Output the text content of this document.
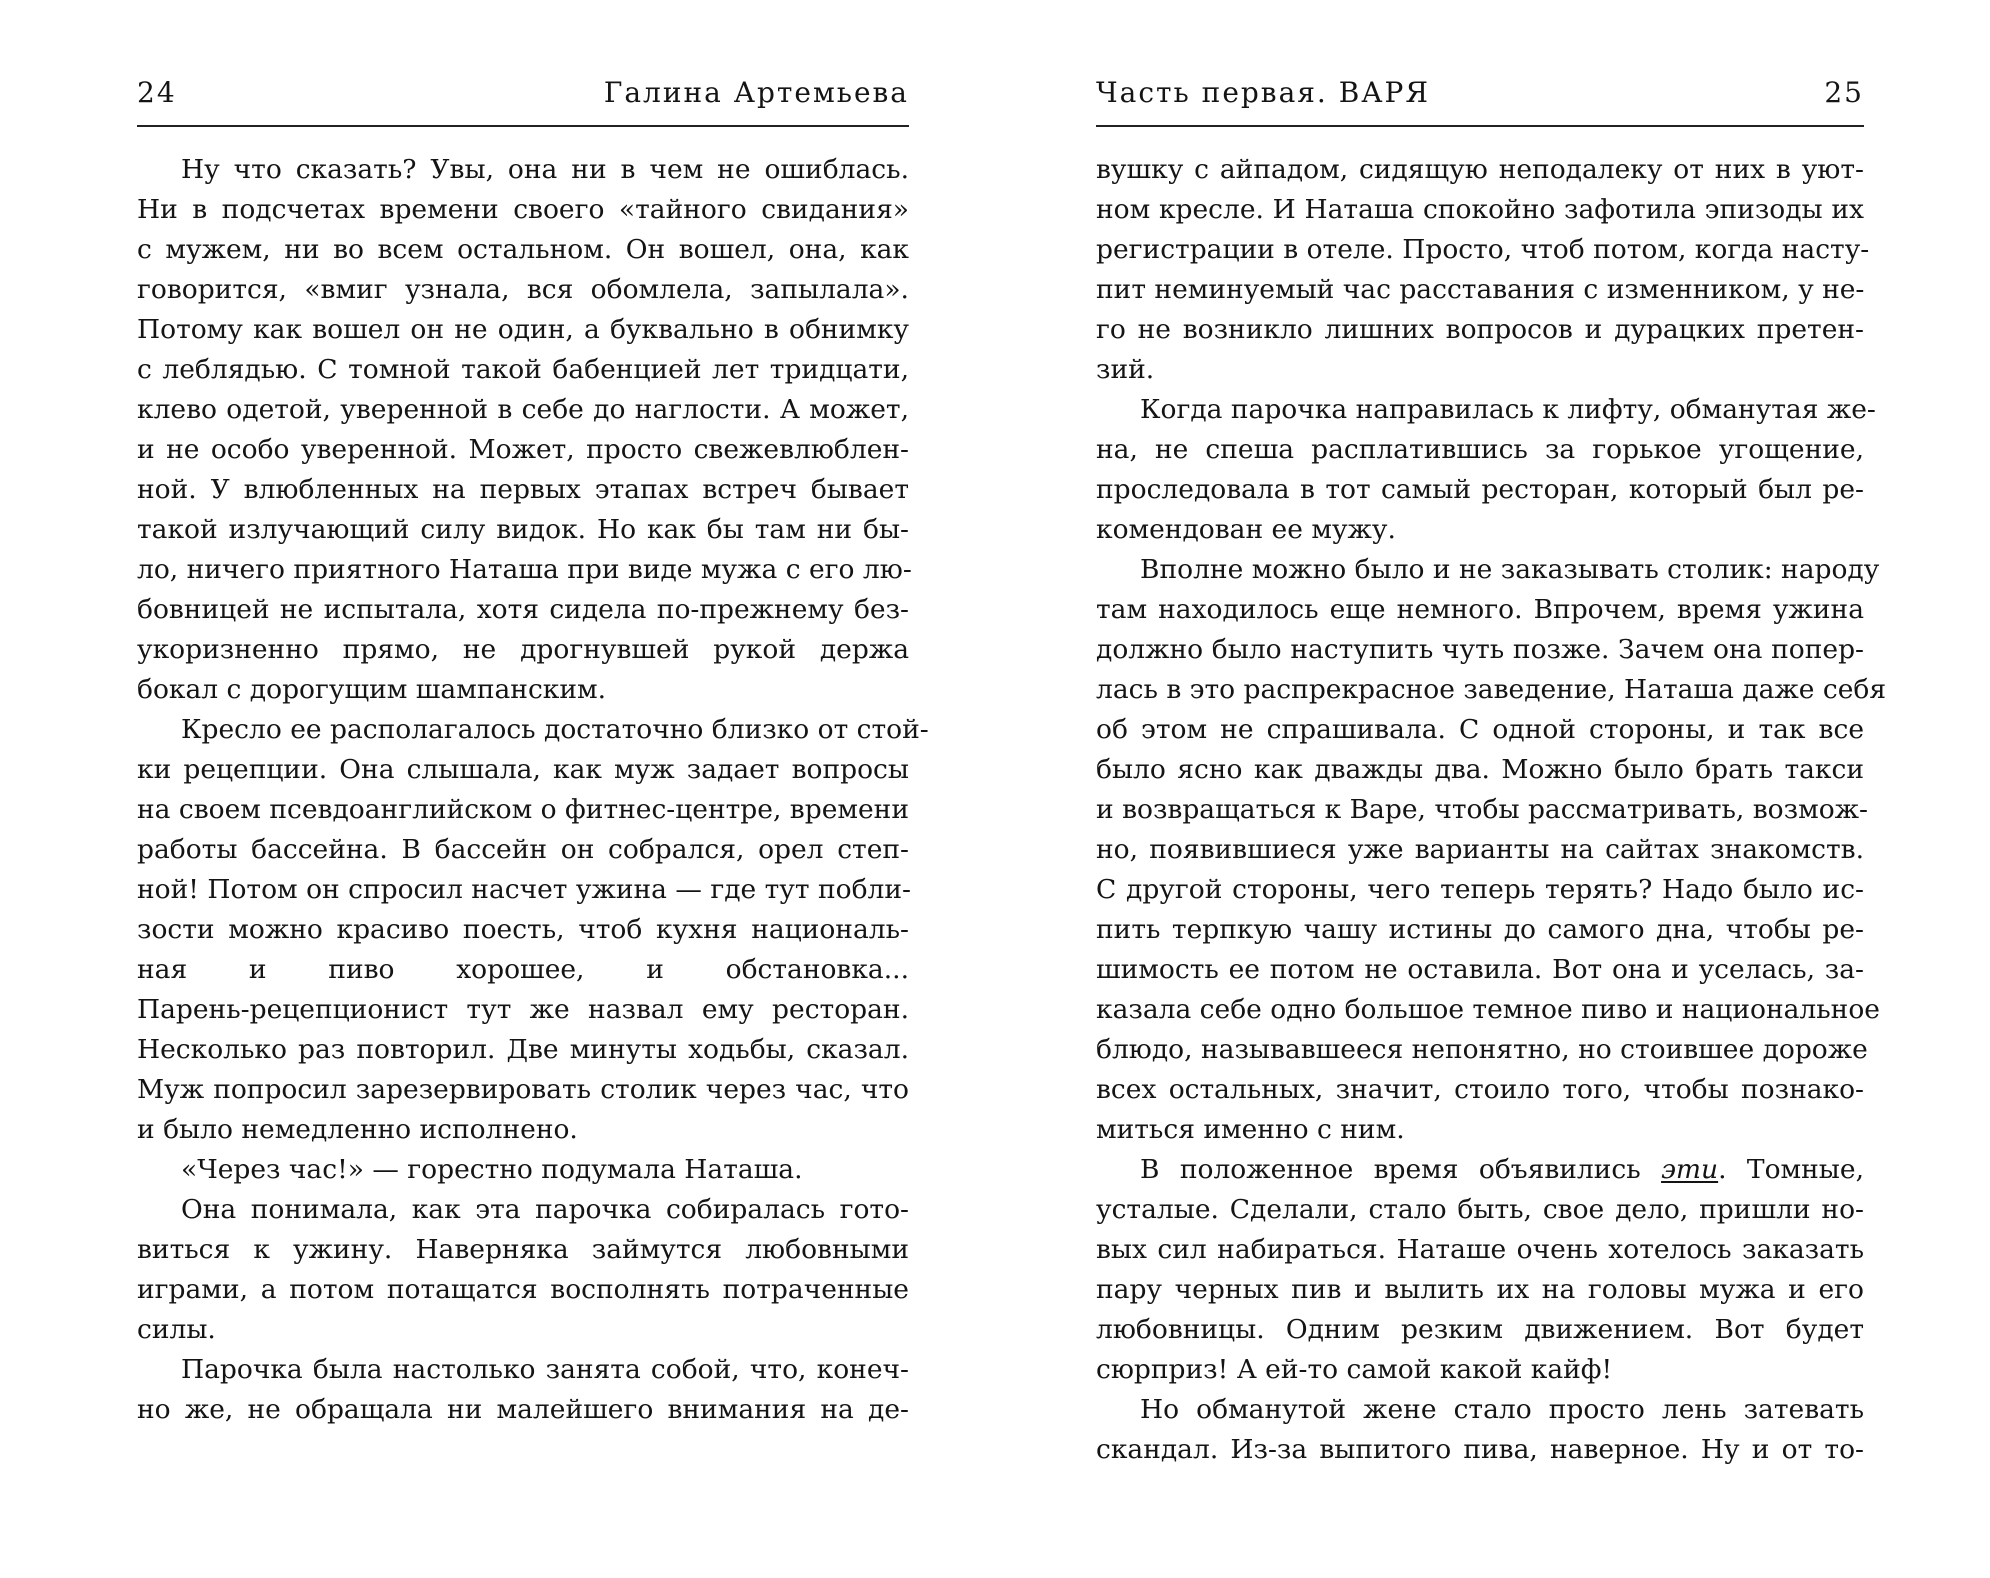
24	Галина Артемьева
Ну что сказать? Увы, она ни в чем не ошиблась.
Ни в подсчетах времени своего «тайного свидания»
с мужем, ни во всем остальном. Он вошел, она, как
говорится, «вмиг узнала, вся обомлела, запылала».
Потому как вошел он не один, а буквально в обнимку
с леблядью. С томной такой бабенцией лет тридцати,
клево одетой, уверенной в себе до наглости. А может,
и не особо уверенной. Может, просто свежевлюблен-
ной. У влюбленных на первых этапах встреч бывает
такой излучающий силу видок. Но как бы там ни бы-
ло, ничего приятного Наташа при виде мужа с его лю-
бовницей не испытала, хотя сидела по-прежнему без-
укоризненно прямо, не дрогнувшей рукой держа
бокал с дорогущим шампанским.
Кресло ее располагалось достаточно близко от стой-
ки рецепции. Она слышала, как муж задает вопросы
на своем псевдоанглийском о фитнес-центре, времени
работы бассейна. В бассейн он собрался, орел степ-
ной! Потом он спросил насчет ужина — где тут побли-
зости можно красиво поесть, чтоб кухня националь-
ная и пиво хорошее, и обстановка...
Парень-рецепционист тут же назвал ему ресторан.
Несколько раз повторил. Две минуты ходьбы, сказал.
Муж попросил зарезервировать столик через час, что
и было немедленно исполнено.
«Через час!» — горестно подумала Наташа.
Она понимала, как эта парочка собиралась гото-
виться к ужину. Наверняка займутся любовными
играми, а потом потащатся восполнять потраченные
силы.
Парочка была настолько занята собой, что, конеч-
но же, не обращала ни малейшего внимания на де-
Часть первая. ВАРЯ	25
вушку с айпадом, сидящую неподалеку от них в уют-
ном кресле. И Наташа спокойно зафотила эпизоды их
регистрации в отеле. Просто, чтоб потом, когда насту-
пит неминуемый час расставания с изменником, у не-
го не возникло лишних вопросов и дурацких претен-
зий.
Когда парочка направилась к лифту, обманутая же-
на, не спеша расплатившись за горькое угощение,
проследовала в тот самый ресторан, который был ре-
комендован ее мужу.
Вполне можно было и не заказывать столик: народу
там находилось еще немного. Впрочем, время ужина
должно было наступить чуть позже. Зачем она попер-
лась в это распрекрасное заведение, Наташа даже себя
об этом не спрашивала. С одной стороны, и так все
было ясно как дважды два. Можно было брать такси
и возвращаться к Варе, чтобы рассматривать, возмож-
но, появившиеся уже варианты на сайтах знакомств.
С другой стороны, чего теперь терять? Надо было ис-
пить терпкую чашу истины до самого дна, чтобы ре-
шимость ее потом не оставила. Вот она и уселась, за-
казала себе одно большое темное пиво и национальное
блюдо, называвшееся непонятно, но стоившее дороже
всех остальных, значит, стоило того, чтобы познако-
миться именно с ним.
В положенное время объявились эти. Томные,
усталые. Сделали, стало быть, свое дело, пришли но-
вых сил набираться. Наташе очень хотелось заказать
пару черных пив и вылить их на головы мужа и его
любовницы. Одним резким движением. Вот будет
сюрприз! А ей-то самой какой кайф!
Но обманутой жене стало просто лень затевать
скандал. Из-за выпитого пива, наверное. Ну и от то-
